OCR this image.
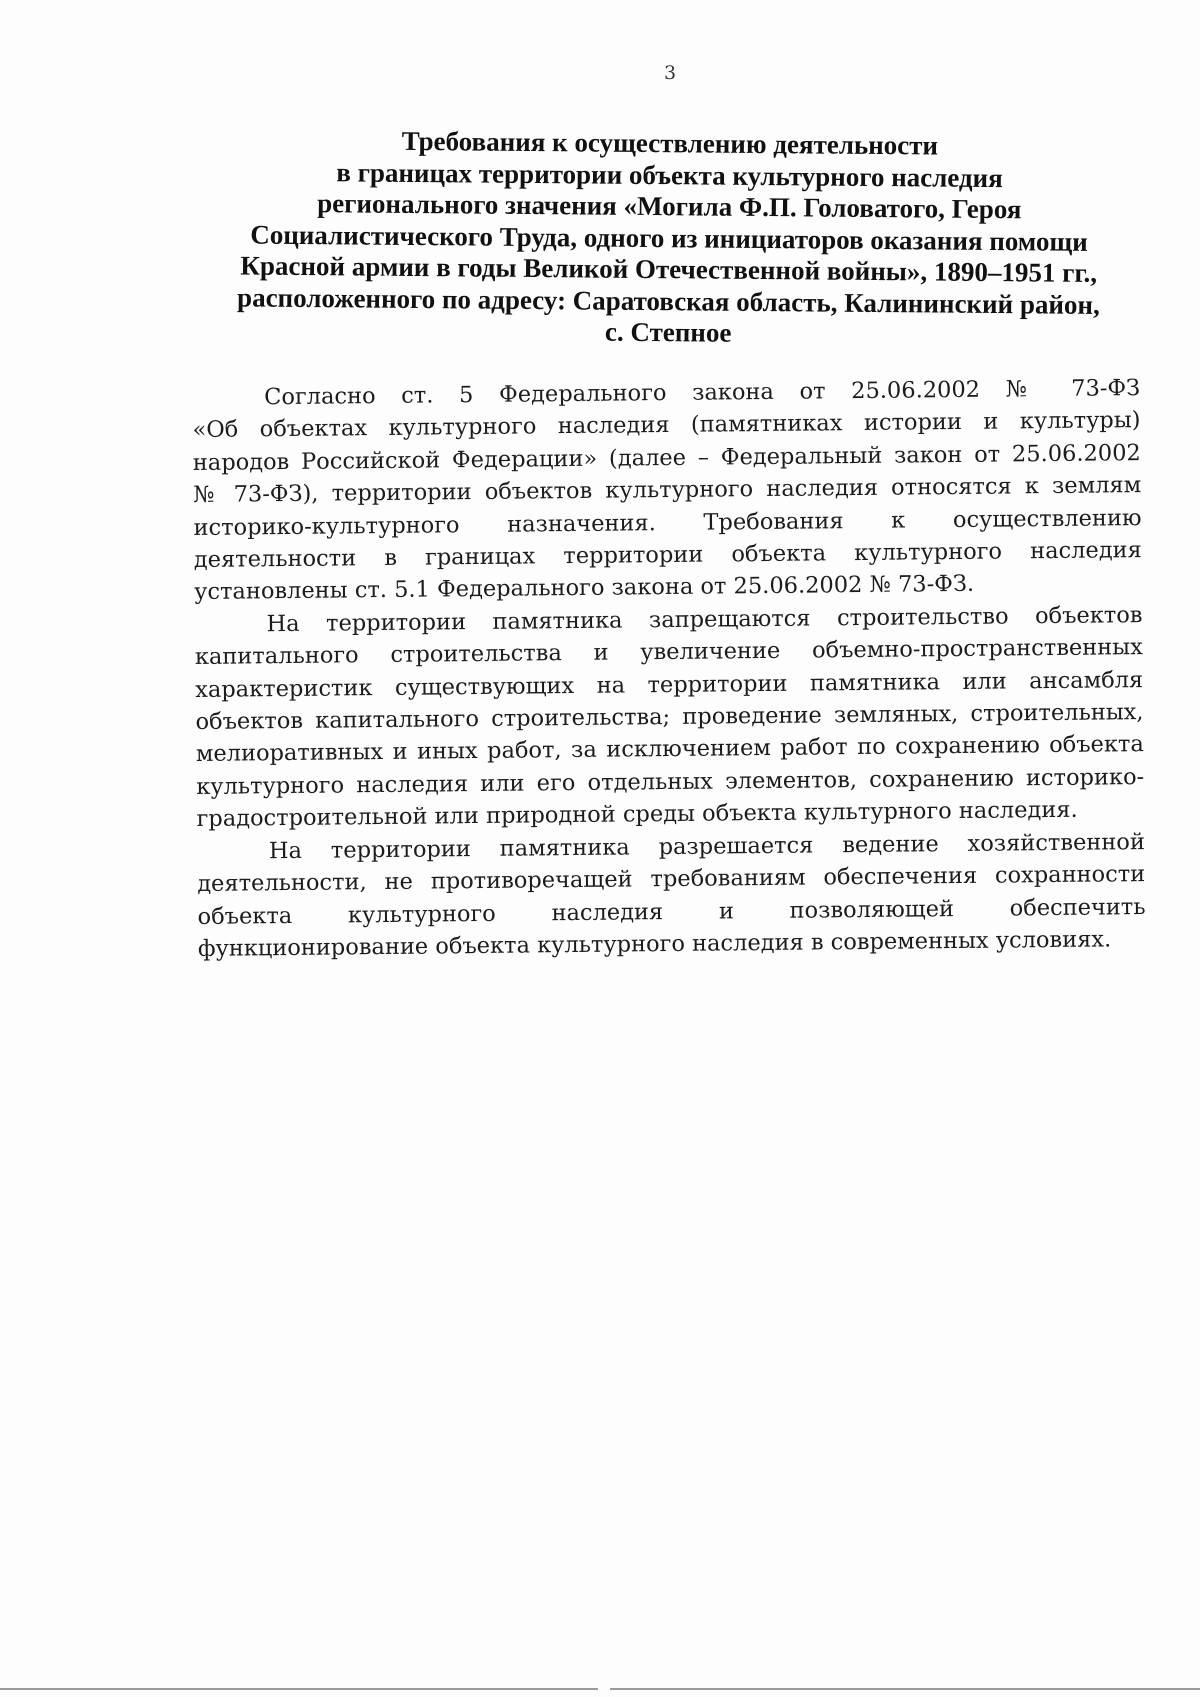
3
Требования к осуществлению деятельности
в границах территории объекта культурного наследия
регионального значения «Могила Ф.П. Головатого, Героя
Социалистического Труда, одного из инициаторов оказания помощи
Красной армии в годы Великой Отечественной войны», 1890–1951 гг.,
расположенного по адресу: Саратовская область, Калининский район,
с. Степное
Согласно ст. 5 Федерального закона от 25.06.2002 № 73-ФЗ
«Об объектах культурного наследия (памятниках истории и культуры)
народов Российской Федерации» (далее – Федеральный закон от 25.06.2002
№ 73-ФЗ), территории объектов культурного наследия относятся к землям
историко-культурного назначения. Требования к осуществлению
деятельности в границах территории объекта культурного наследия
установлены ст. 5.1 Федерального закона от 25.06.2002 № 73-ФЗ.
На территории памятника запрещаются строительство объектов
капитального строительства и увеличение объемно-пространственных
характеристик существующих на территории памятника или ансамбля
объектов капитального строительства; проведение земляных, строительных,
мелиоративных и иных работ, за исключением работ по сохранению объекта
культурного наследия или его отдельных элементов, сохранению историко-
градостроительной или природной среды объекта культурного наследия.
На территории памятника разрешается ведение хозяйственной
деятельности, не противоречащей требованиям обеспечения сохранности
объекта культурного наследия и позволяющей обеспечить
функционирование объекта культурного наследия в современных условиях.
